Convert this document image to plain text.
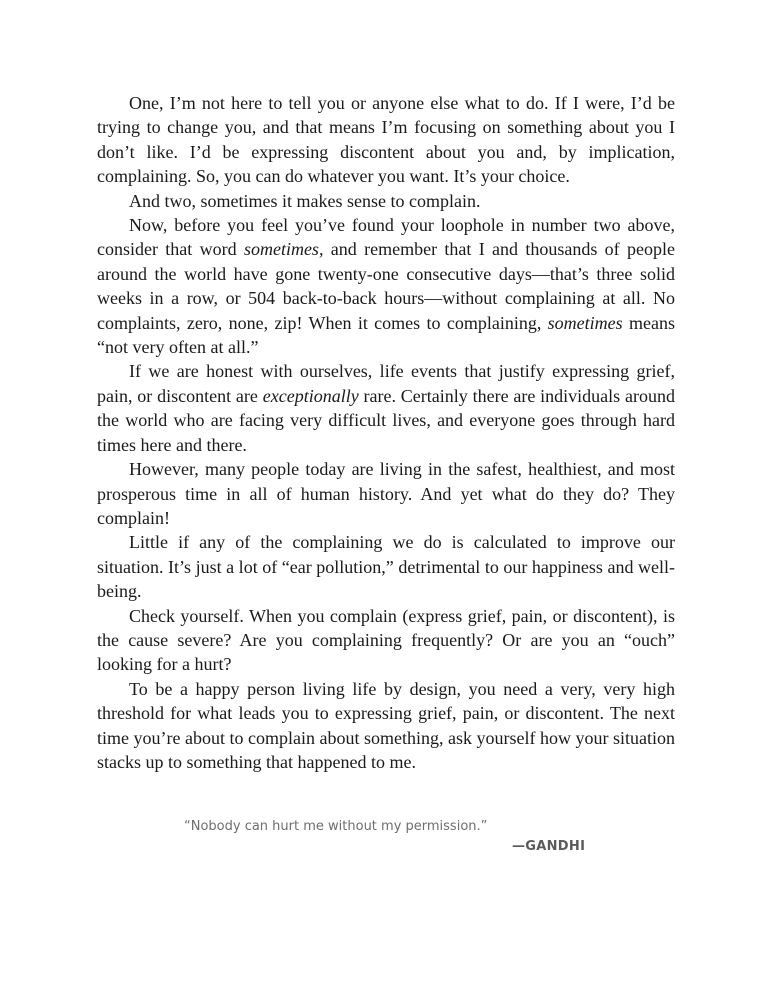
One, I’m not here to tell you or anyone else what to do. If I were, I’d be trying to change you, and that means I’m focusing on something about you I don’t like. I’d be expressing discontent about you and, by implication, complaining. So, you can do whatever you want. It’s your choice.

And two, sometimes it makes sense to complain.

Now, before you feel you’ve found your loophole in number two above, consider that word sometimes, and remember that I and thousands of people around the world have gone twenty-one consecutive days—that’s three solid weeks in a row, or 504 back-to-back hours—without complaining at all. No complaints, zero, none, zip! When it comes to complaining, sometimes means “not very often at all.”

If we are honest with ourselves, life events that justify expressing grief, pain, or discontent are exceptionally rare. Certainly there are individuals around the world who are facing very difficult lives, and everyone goes through hard times here and there.

However, many people today are living in the safest, healthiest, and most prosperous time in all of human history. And yet what do they do? They complain!

Little if any of the complaining we do is calculated to improve our situation. It’s just a lot of “ear pollution,” detrimental to our happiness and well-being.

Check yourself. When you complain (express grief, pain, or discontent), is the cause severe? Are you complaining frequently? Or are you an “ouch” looking for a hurt?

To be a happy person living life by design, you need a very, very high threshold for what leads you to expressing grief, pain, or discontent. The next time you’re about to complain about something, ask yourself how your situation stacks up to something that happened to me.

“Nobody can hurt me without my permission.”
—GANDHI
